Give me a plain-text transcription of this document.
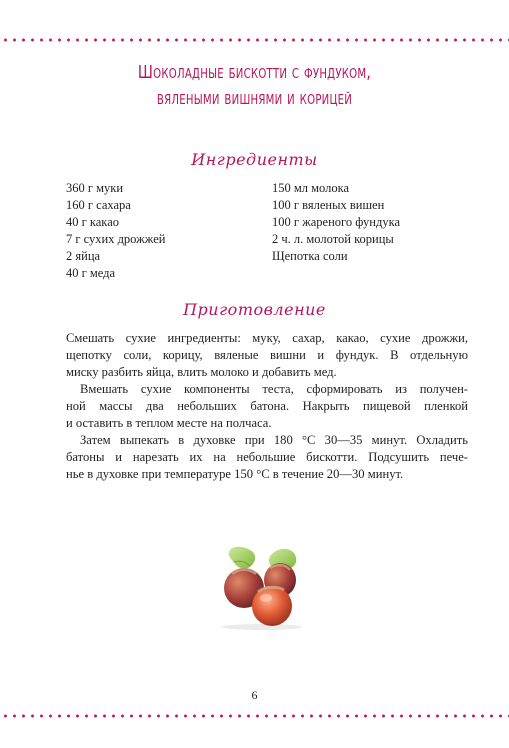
Шоколадные бискотти с фундуком,
вялеными вишнями и корицей
Ингредиенты
360 г муки
160 г сахара
40 г какао
7 г сухих дрожжей
2 яйца
40 г меда
150 мл молока
100 г вяленых вишен
100 г жареного фундука
2 ч. л. молотой корицы
Щепотка соли
Приготовление

Смешать сухие ингредиенты: муку, сахар, какао, сухие дрожжи,
щепотку соли, корицу, вяленые вишни и фундук. В отдельную
миску разбить яйца, влить молоко и добавить мед.

Вмешать сухие компоненты теста, сформировать из получен-
ной массы два небольших батона. Накрыть пищевой пленкой
и оставить в теплом месте на полчаса.

Затем выпекать в духовке при 180 °С 30—35 минут. Охладить
батоны и нарезать их на небольшие бискотти. Подсушить пече-
нье в духовке при температуре 150 °С в течение 20—30 минут.

6
